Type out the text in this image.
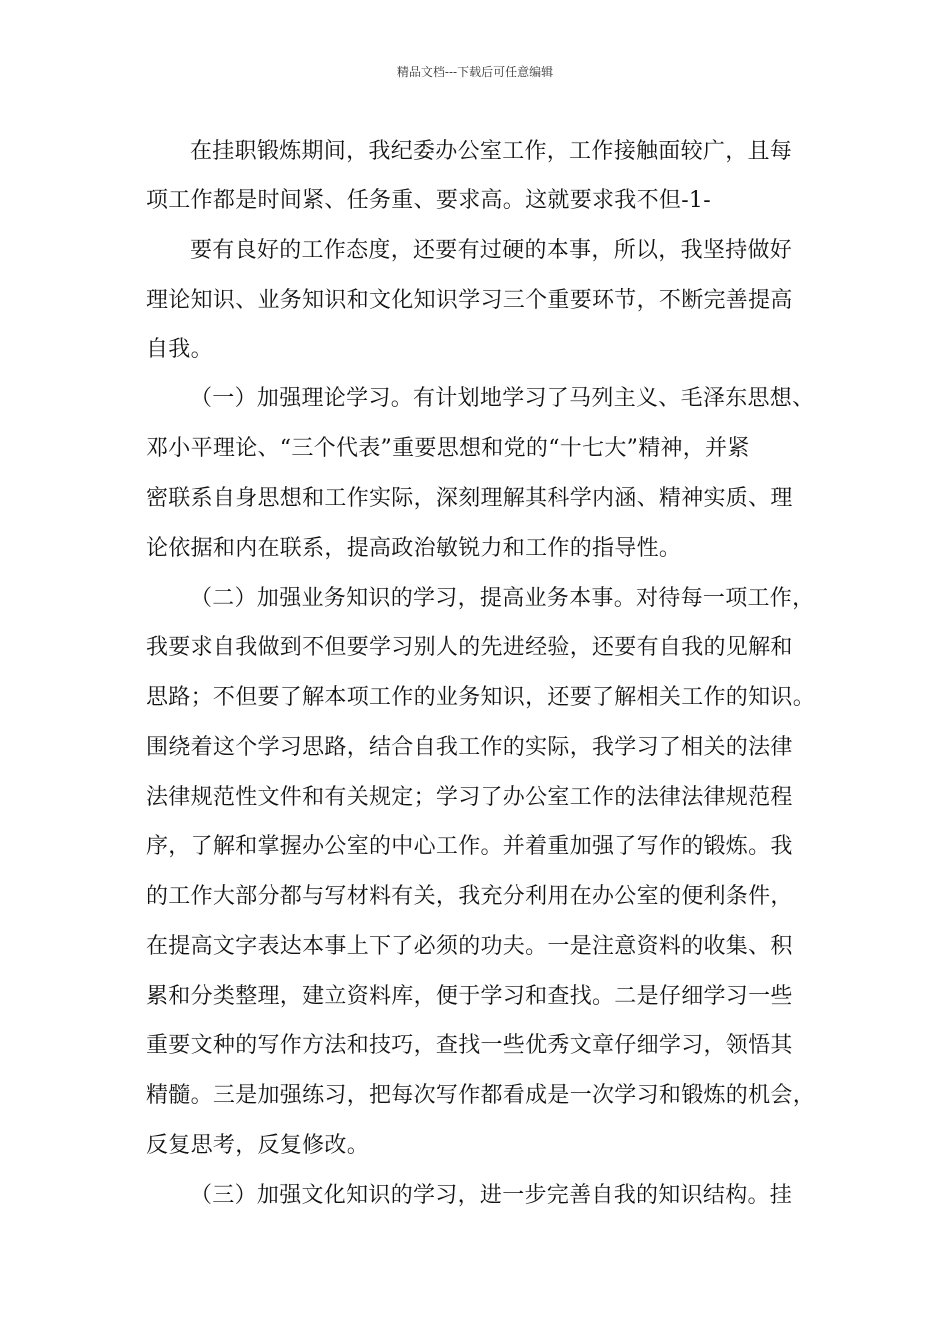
精品文档---下载后可任意编辑
在挂职锻炼期间，我纪委办公室工作，工作接触面较广，且每
项工作都是时间紧、任务重、要求高。这就要求我不但-1-
要有良好的工作态度，还要有过硬的本事，所以，我坚持做好
理论知识、业务知识和文化知识学习三个重要环节，不断完善提高
自我。
（一）加强理论学习。有计划地学习了马列主义、毛泽东思想、
邓小平理论、“三个代表”重要思想和党的“十七大”精神，并紧
密联系自身思想和工作实际，深刻理解其科学内涵、精神实质、理
论依据和内在联系，提高政治敏锐力和工作的指导性。
（二）加强业务知识的学习，提高业务本事。对待每一项工作，
我要求自我做到不但要学习别人的先进经验，还要有自我的见解和
思路；不但要了解本项工作的业务知识，还要了解相关工作的知识。
围绕着这个学习思路，结合自我工作的实际，我学习了相关的法律
法律规范性文件和有关规定；学习了办公室工作的法律法律规范程
序，了解和掌握办公室的中心工作。并着重加强了写作的锻炼。我
的工作大部分都与写材料有关，我充分利用在办公室的便利条件，
在提高文字表达本事上下了必须的功夫。一是注意资料的收集、积
累和分类整理，建立资料库，便于学习和查找。二是仔细学习一些
重要文种的写作方法和技巧，查找一些优秀文章仔细学习，领悟其
精髓。三是加强练习，把每次写作都看成是一次学习和锻炼的机会，
反复思考，反复修改。
（三）加强文化知识的学习，进一步完善自我的知识结构。挂
